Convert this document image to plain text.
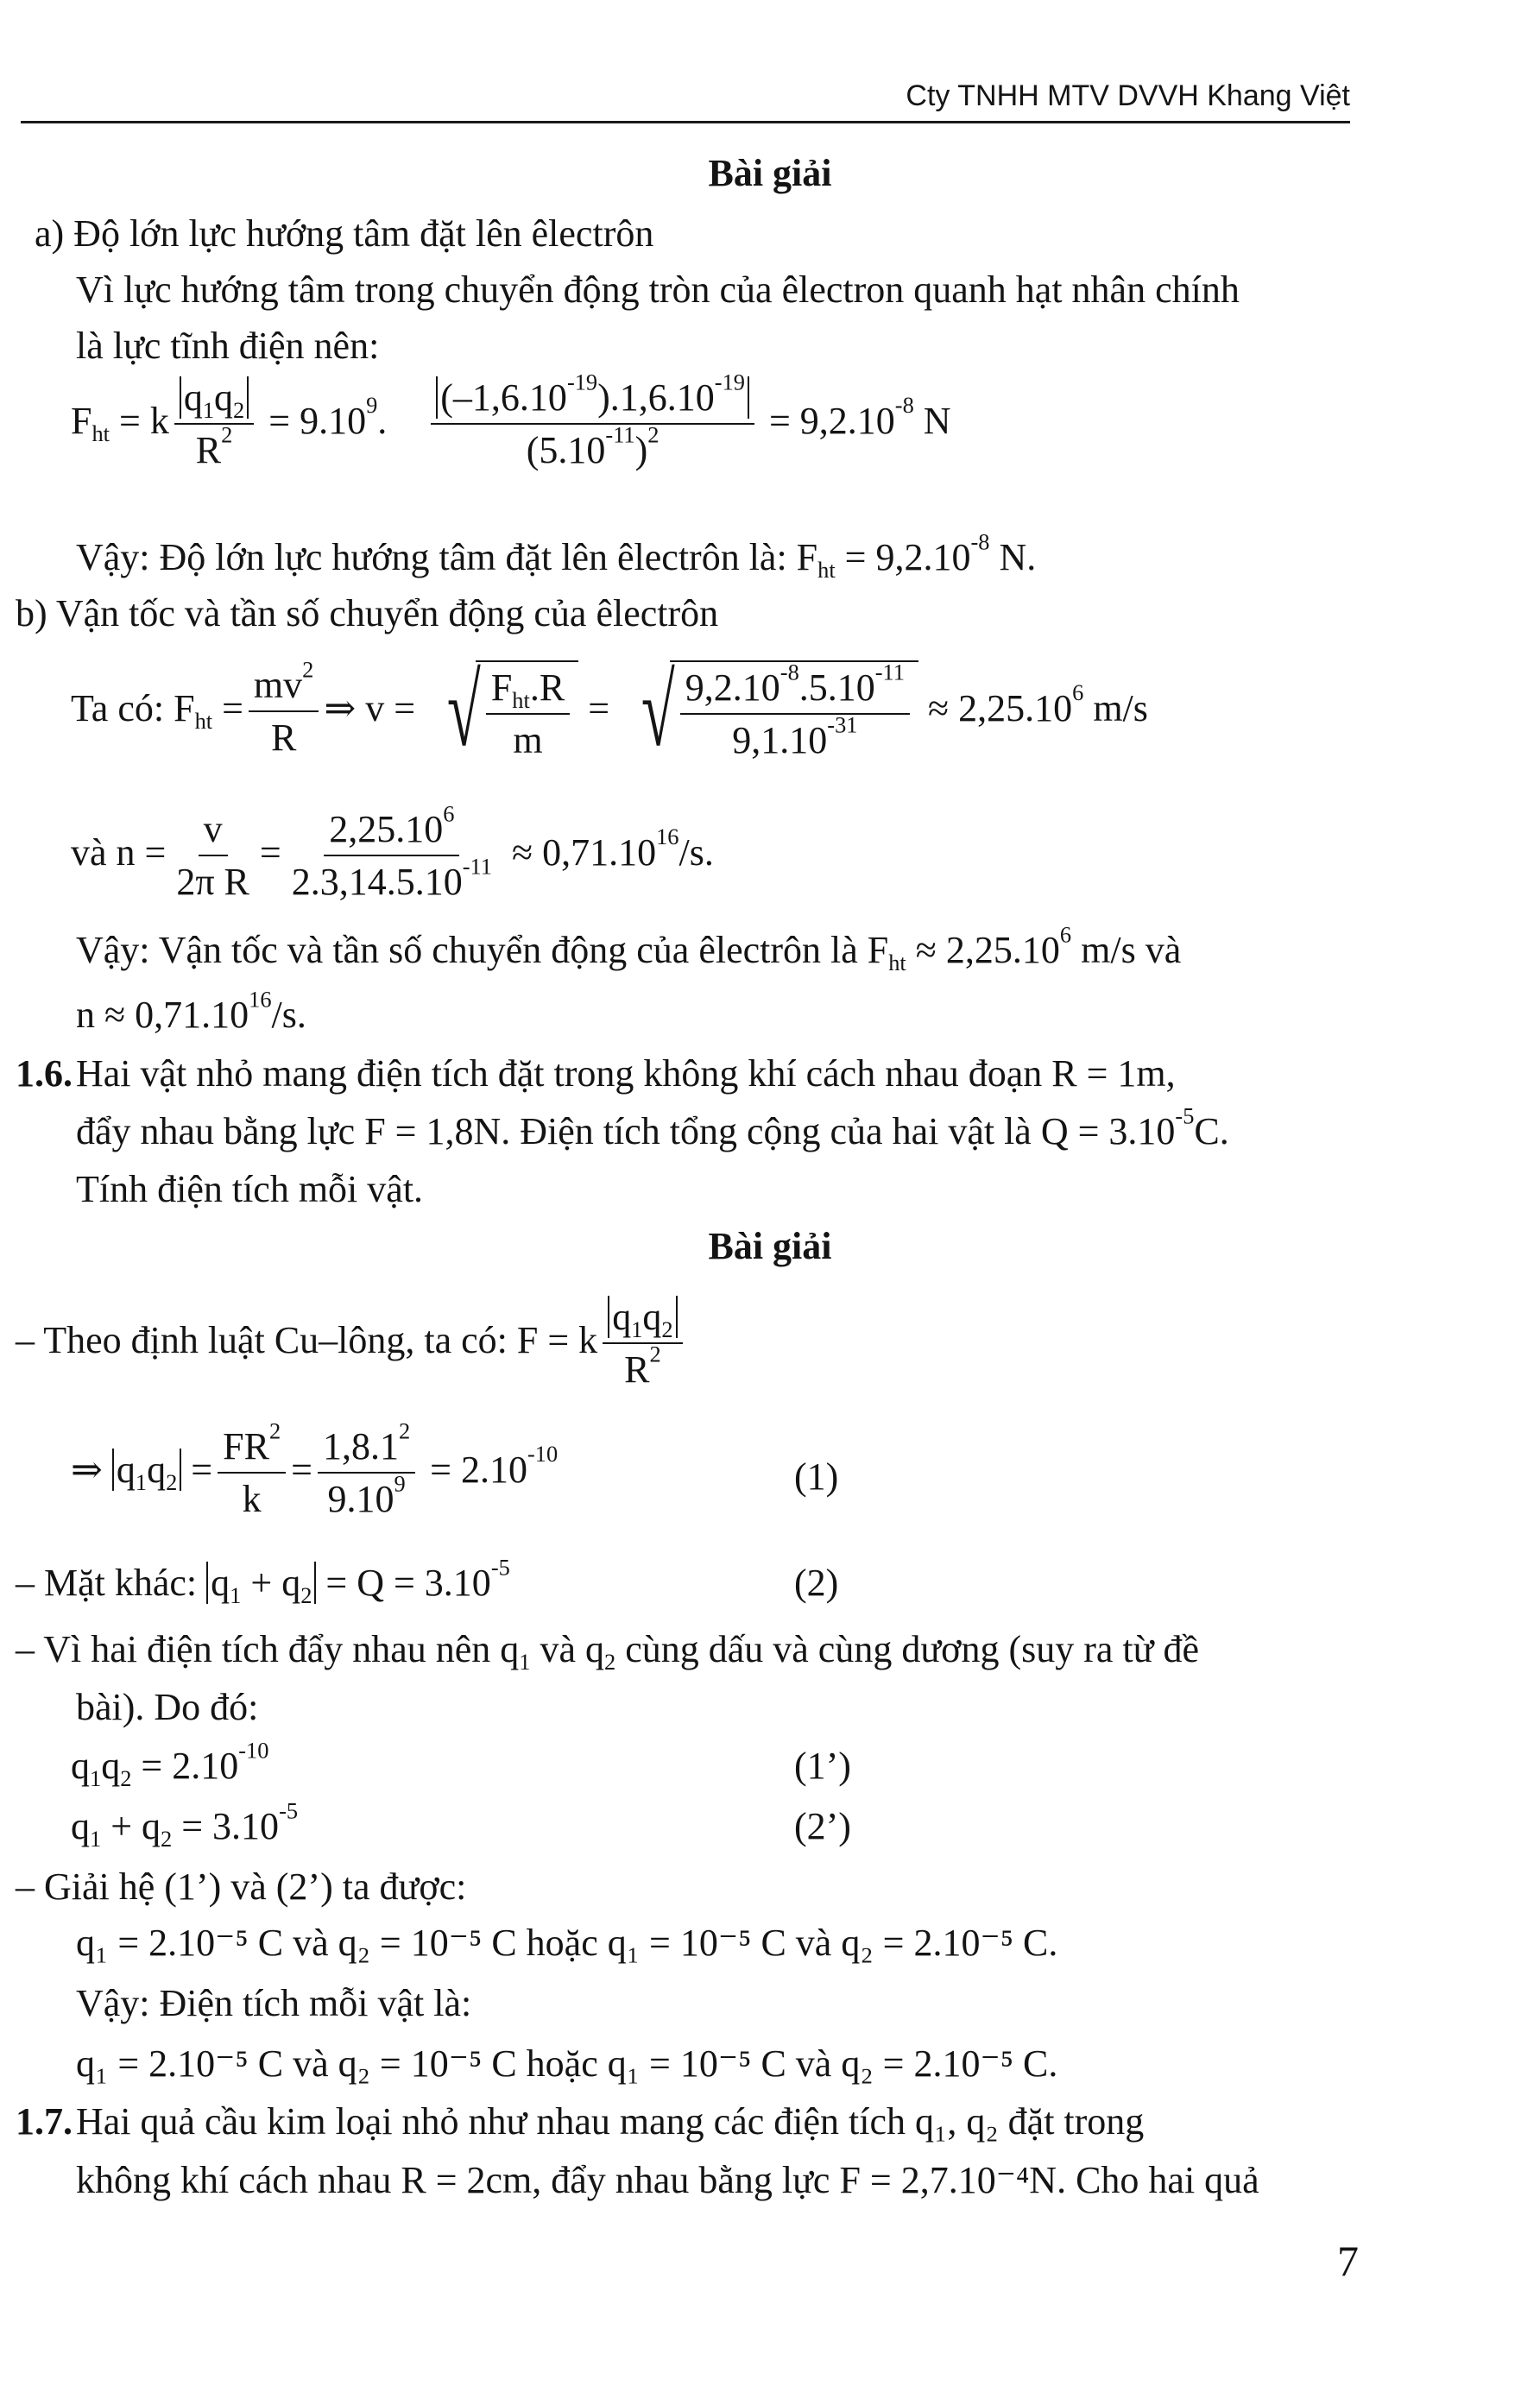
Cty TNHH MTV DVVH Khang Việt
Bài giải
a) Độ lớn lực hướng tâm đặt lên êlectrôn
Vì lực hướng tâm trong chuyển động tròn của êlectron quanh hạt nhân chính
là lực tĩnh điện nên:
$F_{ht} = k \frac{q_1q_2}{R^2} = 9.10^9$. $\frac{(-1,6.10^{-19}).1,6.10^{-19}}{(5.10^{-11})^2} = 9,2.10^{-8}$ N
Vậy: Độ lớn lực hướng tâm đặt lên êlectrôn là: $F_{ht} = 9,2.10^{-8}$ N.
b) Vận tốc và tần số chuyển động của êlectrôn
Ta có: $F_{ht} = \frac{mv^2}{R}$ ⇒ v = √ $\frac{F_{ht}.R}{m}$ = √ $\frac{9,2.10^{-8}.5.10^{-11}}{9,1.10^{-31}} \approx 2,25.10^6$ m/s
và $n = \frac{v}{\text{2π R}} = \frac{2,25.10^6}{2.3,14.5.10^{-11}} \approx 0,71.10^{16}/s$.
Vậy: Vận tốc và tần số chuyển động của êlectrôn là $F_{ht} \approx 2,25.10^6$ m/s và
$n \approx 0,71.10^{16}/s$.
1.6. Hai vật nhỏ mang điện tích đặt trong không khí cách nhau đoạn R = 1m,
đẩy nhau bằng lực F = 1,8N. Điện tích tổng cộng của hai vật là $Q = 3.10^{-5}C$.
Tính điện tích mỗi vật.
Bài giải
– Theo định luật Cu–lông, ta có: F = k $\frac{q_1q_2}{R^2}$
⇒ $q_1q_2 = \frac{FR^2}{k} = \frac{1,8.1^2}{9.10^9} = 2.10^{-10}$
(1)
– Mặt khác: $q_1 + q_2 = Q = 3.10^{-5}$	(2)
– Vì hai điện tích đẩy nhau nên $q_1$ và $q_2$ cùng dấu và cùng dương (suy ra từ đề
bài). Do đó:
$q_1q_2 = 2.10^{-10}$	(1’)
$q_1 + q_2 = 3.10^{-5}$	(2’)
– Giải hệ (1’) và (2’) ta được:
q₁ = 2.10⁻⁵ C và q₂ = 10⁻⁵ C hoặc q₁ = 10⁻⁵ C và q₂ = 2.10⁻⁵ C.
Vậy: Điện tích mỗi vật là:
q₁ = 2.10⁻⁵ C và q₂ = 10⁻⁵ C hoặc q₁ = 10⁻⁵ C và q₂ = 2.10⁻⁵ C.
1.7. Hai quả cầu kim loại nhỏ như nhau mang các điện tích q₁, q₂ đặt trong
không khí cách nhau R = 2cm, đẩy nhau bằng lực F = 2,7.10⁻⁴N. Cho hai quả
7
